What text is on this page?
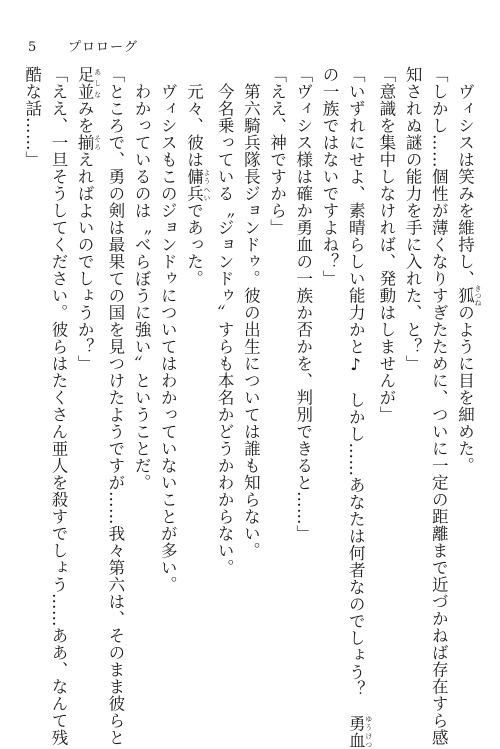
5 プロローグ
　ヴィシスは笑みを維持し、狐 きつねのように目を細めた。
「しかし……個性が薄くなりすぎたために、ついに一定の距離まで近づかねば存在すら感
知されぬ謎の能力を手に入れた、と？」
「意識を集中しなければ、発動はしませんが」
「いずれにせよ、素晴らしい能力かと♪　しかし……あなたは何者なのでしょう？　勇血 ゆうけつ
の一族ではないですよね？」
「ヴィシス様は確か勇血の一族か否かを、判別できると……」
「ええ、神ですから」
　第六騎兵隊長ジョンドゥ。彼の出生については誰も知らない。
　今名乗っている〝ジョンドゥ〟すらも本名かどうかわからない。
　元々、彼は傭兵 ようへいであった。
　ヴィシスもこのジョンドゥについてはわかっていないことが多い。
　わかっているのは〝べらぼうに強い〟ということだ。
「ところで、勇の剣は最果ての国を見つけたようですが……我々第六は、そのまま彼らと
足並 あしなみを揃 そろえればよいのでしょうか？」
「ええ、一旦そうしてください。彼らはたくさん亜人を殺すでしょう……ああ、なんて残
酷な話……」
